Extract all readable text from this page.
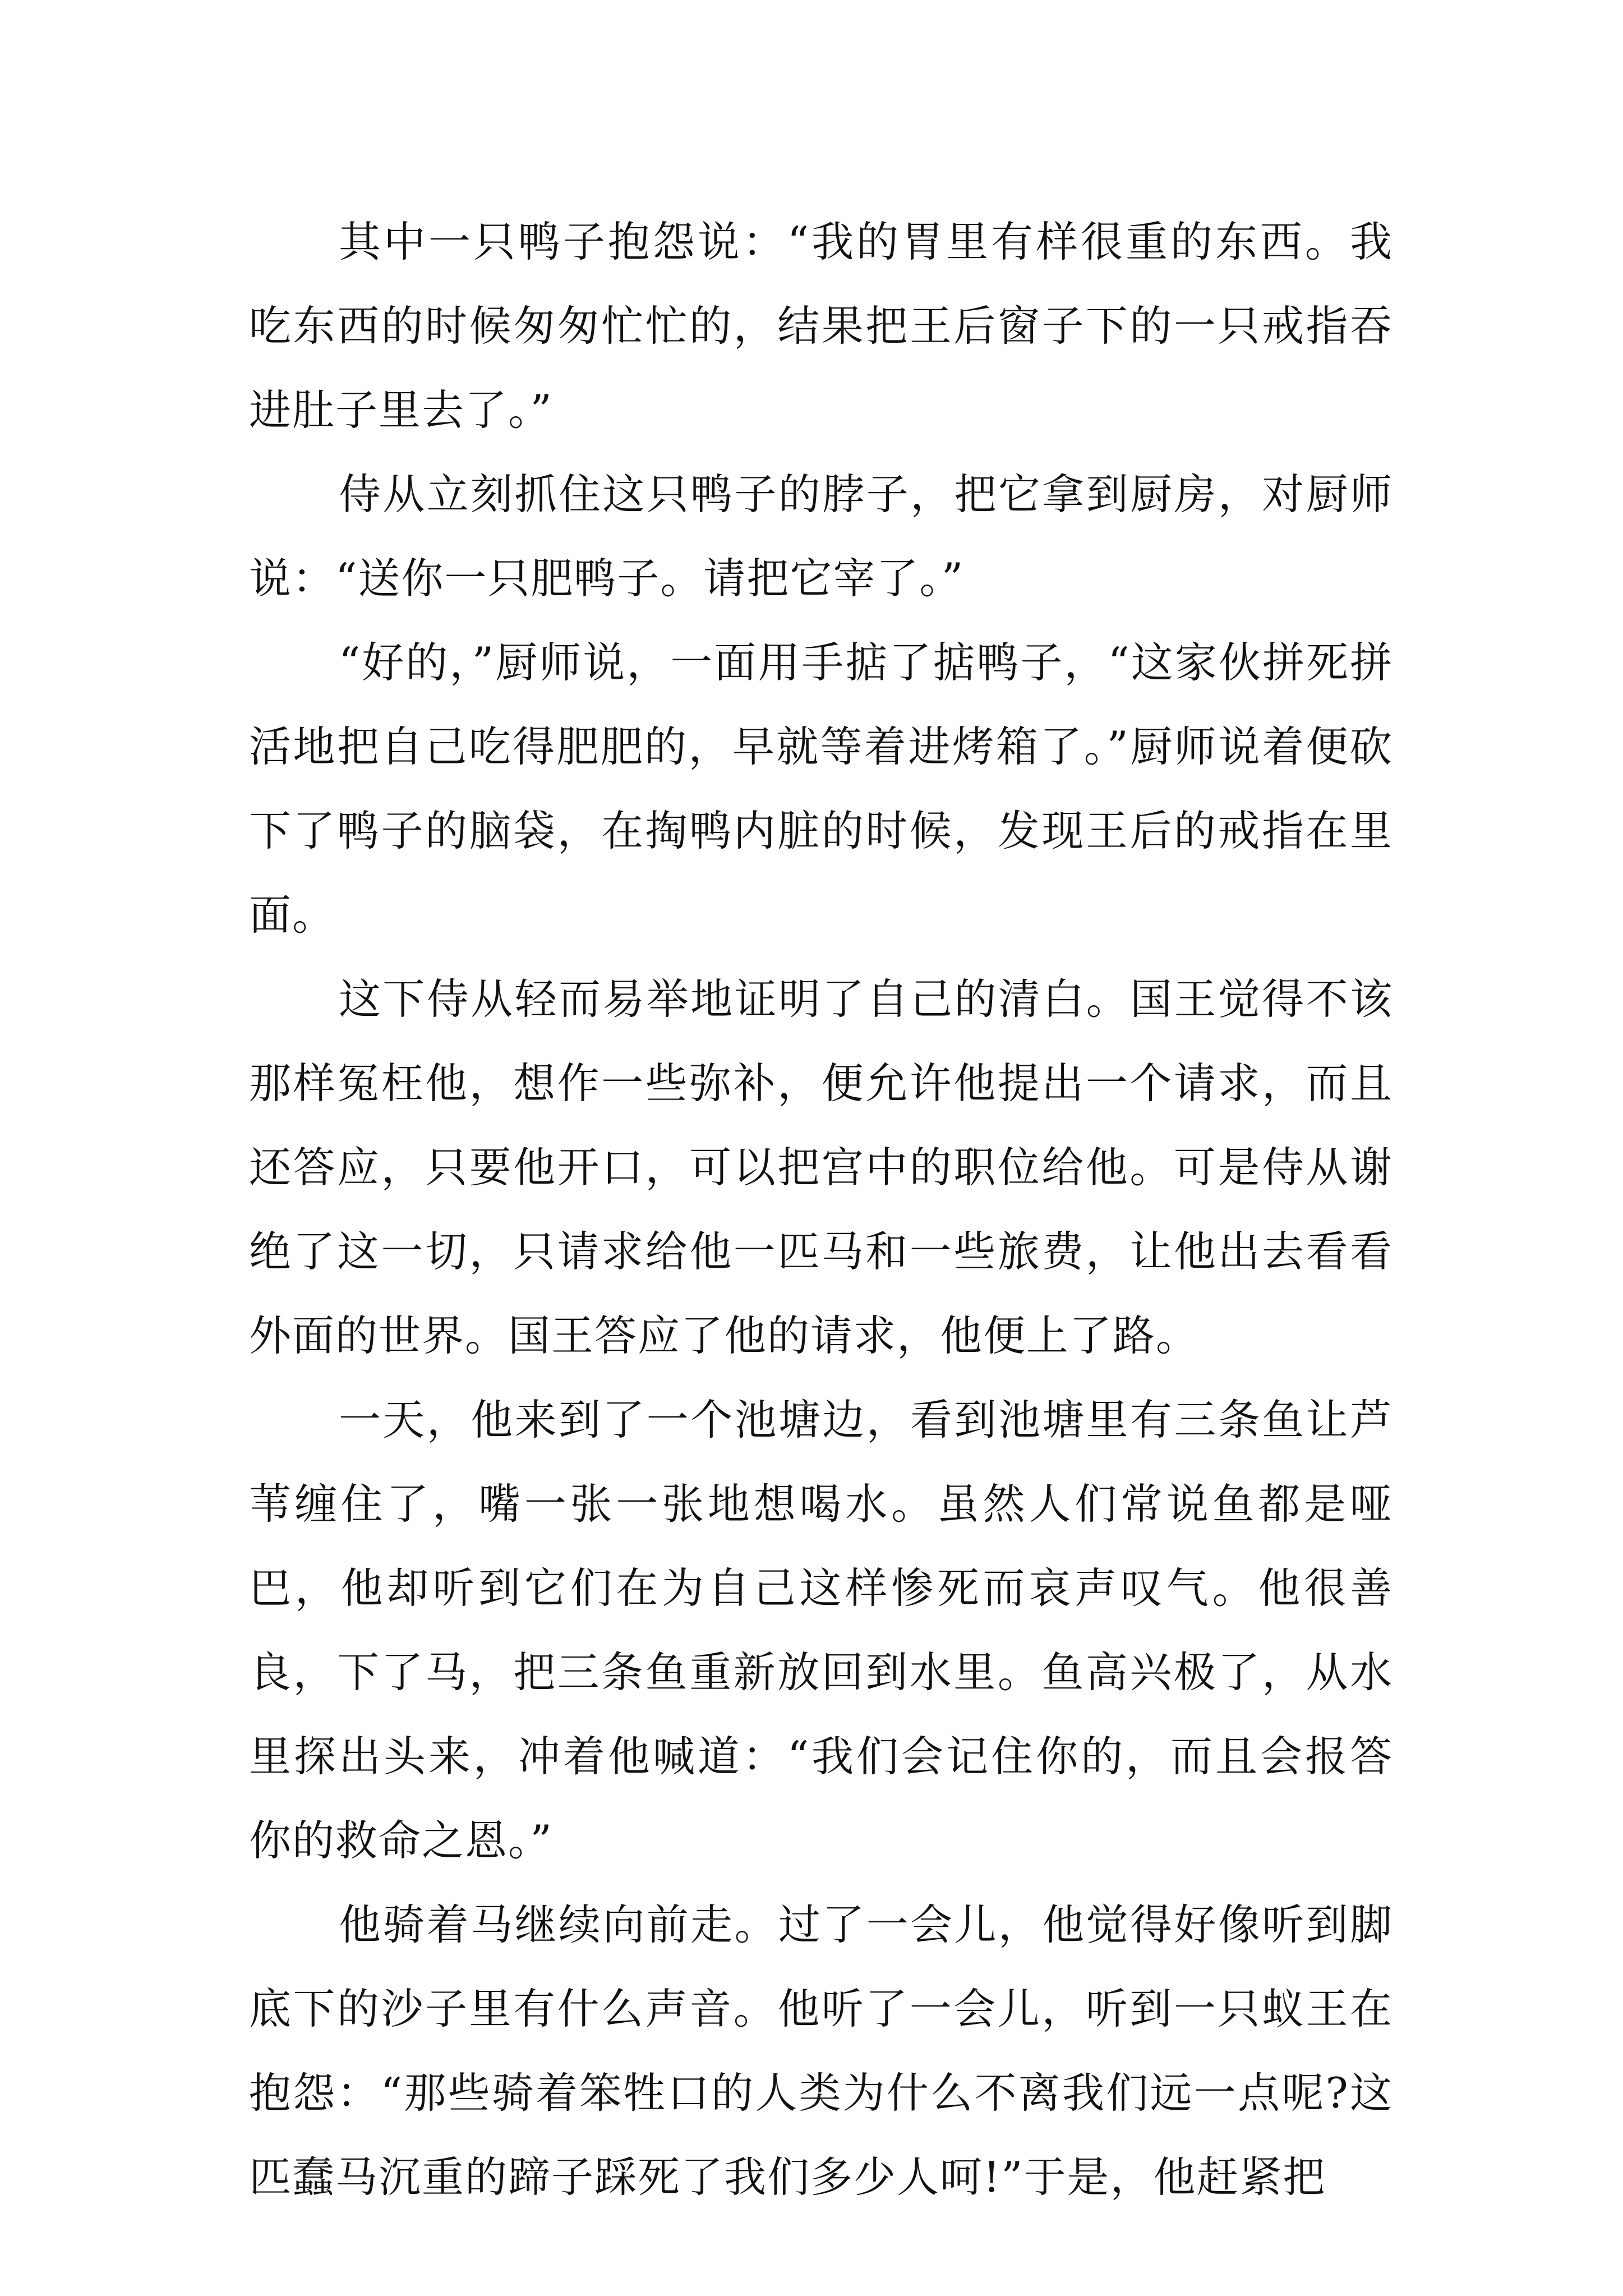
其中一只鸭子抱怨说：“我的胃里有样很重的东西。我吃东西的时候匆匆忙忙的，结果把王后窗子下的一只戒指吞进肚子里去了。”

侍从立刻抓住这只鸭子的脖子，把它拿到厨房，对厨师说：“送你一只肥鸭子。请把它宰了。”

“好的，”厨师说，一面用手掂了掂鸭子，“这家伙拼死拼活地把自己吃得肥肥的，早就等着进烤箱了。”厨师说着便砍下了鸭子的脑袋，在掏鸭内脏的时候，发现王后的戒指在里面。

这下侍从轻而易举地证明了自己的清白。国王觉得不该那样冤枉他，想作一些弥补，便允许他提出一个请求，而且还答应，只要他开口，可以把宫中的职位给他。可是侍从谢绝了这一切，只请求给他一匹马和一些旅费，让他出去看看外面的世界。国王答应了他的请求，他便上了路。

一天，他来到了一个池塘边，看到池塘里有三条鱼让芦苇缠住了，嘴一张一张地想喝水。虽然人们常说鱼都是哑巴，他却听到它们在为自己这样惨死而哀声叹气。他很善良，下了马，把三条鱼重新放回到水里。鱼高兴极了，从水里探出头来，冲着他喊道：“我们会记住你的，而且会报答你的救命之恩。”

他骑着马继续向前走。过了一会儿，他觉得好像听到脚底下的沙子里有什么声音。他听了一会儿，听到一只蚁王在抱怨：“那些骑着笨牲口的人类为什么不离我们远一点呢?这匹蠢马沉重的蹄子踩死了我们多少人呵!”于是，他赶紧把
